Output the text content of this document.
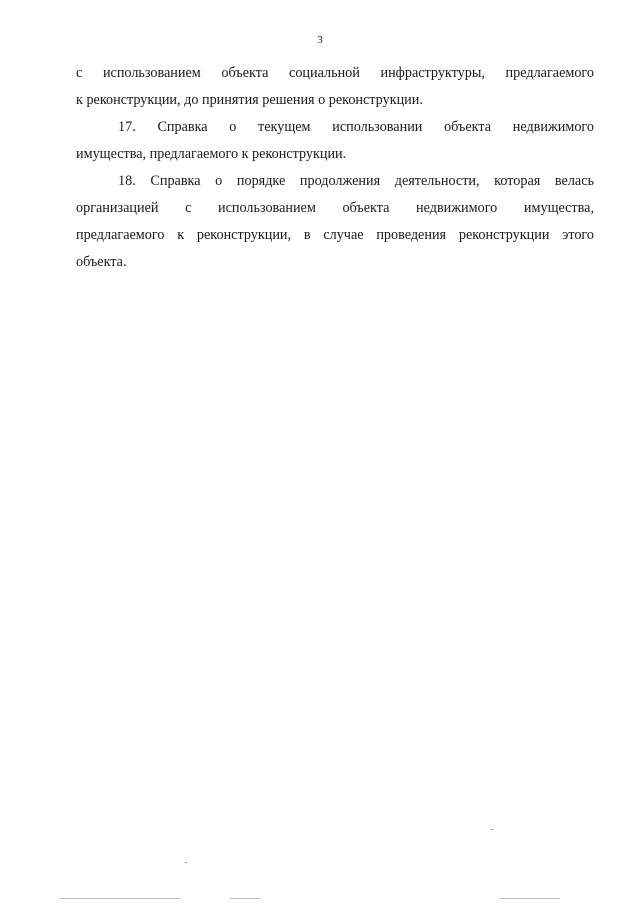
3

с использованием объекта социальной инфраструктуры, предлагаемого
к реконструкции, до принятия решения о реконструкции.

17. Справка о текущем использовании объекта недвижимого
имущества, предлагаемого к реконструкции.

18. Справка о порядке продолжения деятельности, которая велась
организацией с использованием объекта недвижимого имущества,
предлагаемого к реконструкции, в случае проведения реконструкции этого
объекта.
